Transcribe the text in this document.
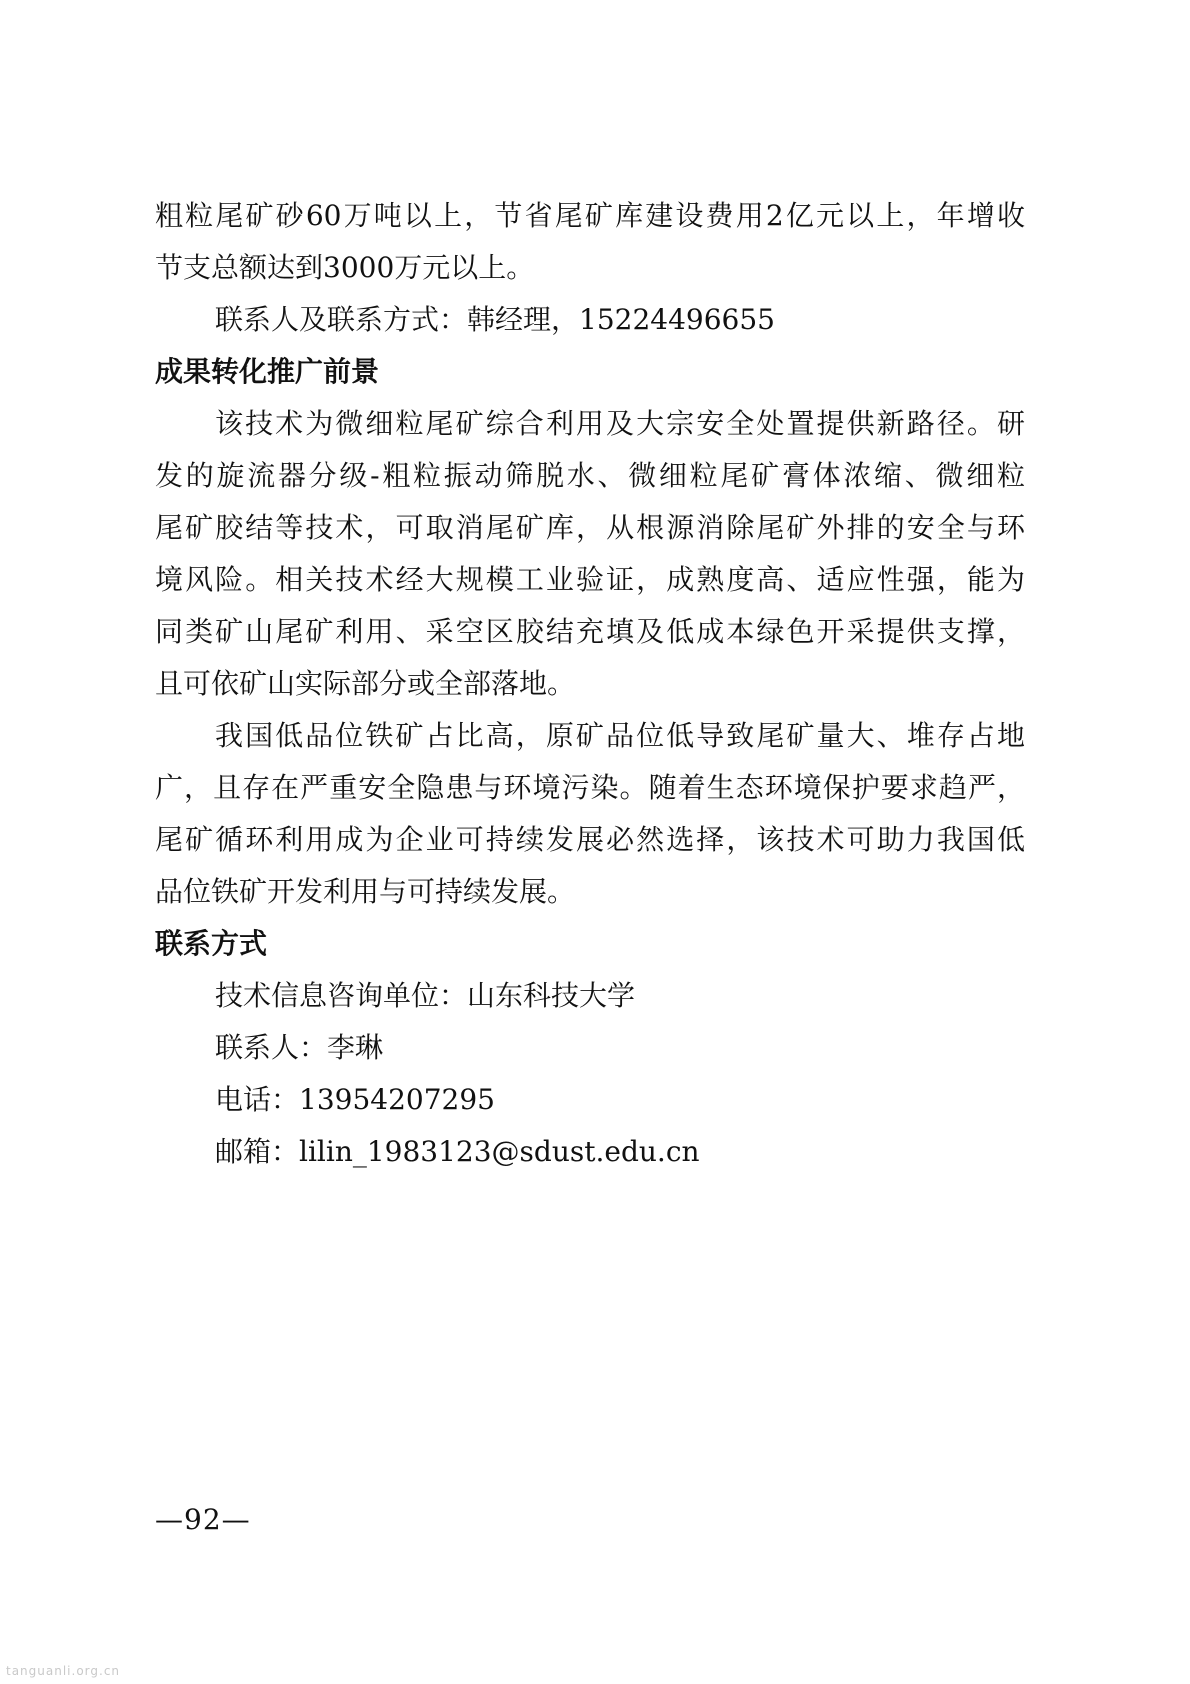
粗粒尾矿砂60万吨以上，节省尾矿库建设费用2亿元以上，年增收

节支总额达到3000万元以上。

联系人及联系方式：韩经理，15224496655

成果转化推广前景

该技术为微细粒尾矿综合利用及大宗安全处置提供新路径。研

发的旋流器分级-粗粒振动筛脱水、微细粒尾矿膏体浓缩、微细粒

尾矿胶结等技术，可取消尾矿库，从根源消除尾矿外排的安全与环

境风险。相关技术经大规模工业验证，成熟度高、适应性强，能为

同类矿山尾矿利用、采空区胶结充填及低成本绿色开采提供支撑，

且可依矿山实际部分或全部落地。

我国低品位铁矿占比高，原矿品位低导致尾矿量大、堆存占地

广，且存在严重安全隐患与环境污染。随着生态环境保护要求趋严，

尾矿循环利用成为企业可持续发展必然选择，该技术可助力我国低

品位铁矿开发利用与可持续发展。

联系方式

技术信息咨询单位：山东科技大学

联系人：李琳

电话：13954207295

邮箱：lilin_1983123@sdust.edu.cn

—92—
tanguanli.org.cn
